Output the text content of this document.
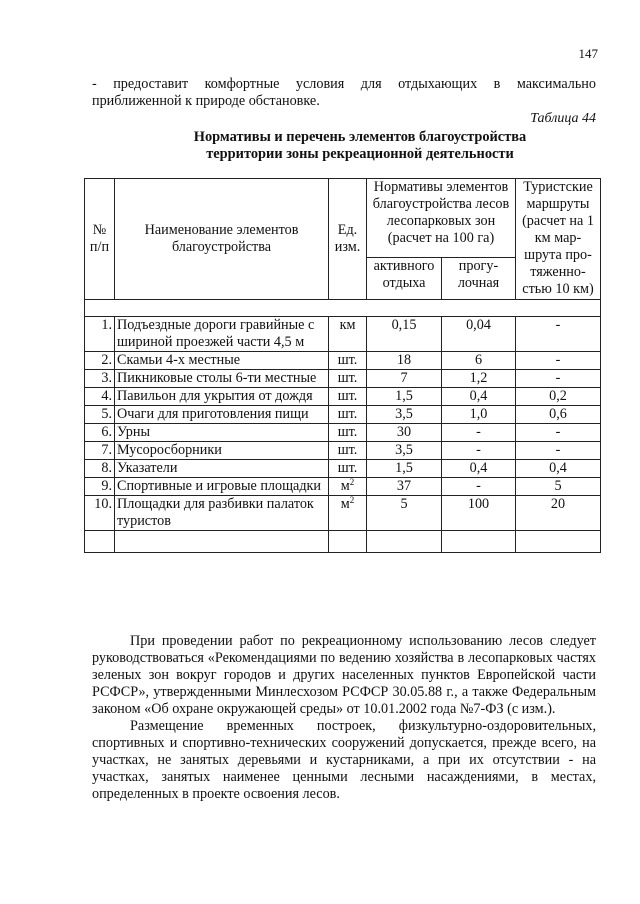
147

- предоставит комфортные условия для отдыхающих в максимально приближенной к природе обстановке.

Таблица 44
Нормативы и перечень элементов благоустройства
территории зоны рекреационной деятельности
№ п/п	Наименование элементов благоустройства	Ед. изм.	Нормативы элементов благоустройства лесов лесопарковых зон (расчет на 100 га)		Туристские маршруты (расчет на 1 км мар-шрута про-тяженно-стью 10 км)
			активного отдыха	прогу-лочная	

1.	Подъездные дороги гравийные с шириной проезжей части 4,5 м	км	0,15	0,04	-
2.	Скамьи 4-х местные	шт.	18	6	-
3.	Пикниковые столы 6-ти местные	шт.	7	1,2	-
4.	Павильон для укрытия от дождя	шт.	1,5	0,4	0,2
5.	Очаги для приготовления пищи	шт.	3,5	1,0	0,6
6.	Урны	шт.	30	-	-
7.	Мусоросборники	шт.	3,5	-	-
8.	Указатели	шт.	1,5	0,4	0,4
9.	Спортивные и игровые площадки	$м^2$	37	-	5
10.	Площадки для разбивки палаток туристов	$м^2$	5	100	20

При проведении работ по рекреационному использованию лесов следует руководствоваться «Рекомендациями по ведению хозяйства в лесопарковых частях зеленых зон вокруг городов и других населенных пунктов Европейской части РСФСР», утвержденными Минлесхозом РСФСР 30.05.88 г., а также Федеральным законом «Об охране окружающей среды» от 10.01.2002 года №7-ФЗ (с изм.).

Размещение временных построек, физкультурно-оздоровительных, спортивных и спортивно-технических сооружений допускается, прежде всего, на участках, не занятых деревьями и кустарниками, а при их отсутствии - на участках, занятых наименее ценными лесными насаждениями, в местах, определенных в проекте освоения лесов.
